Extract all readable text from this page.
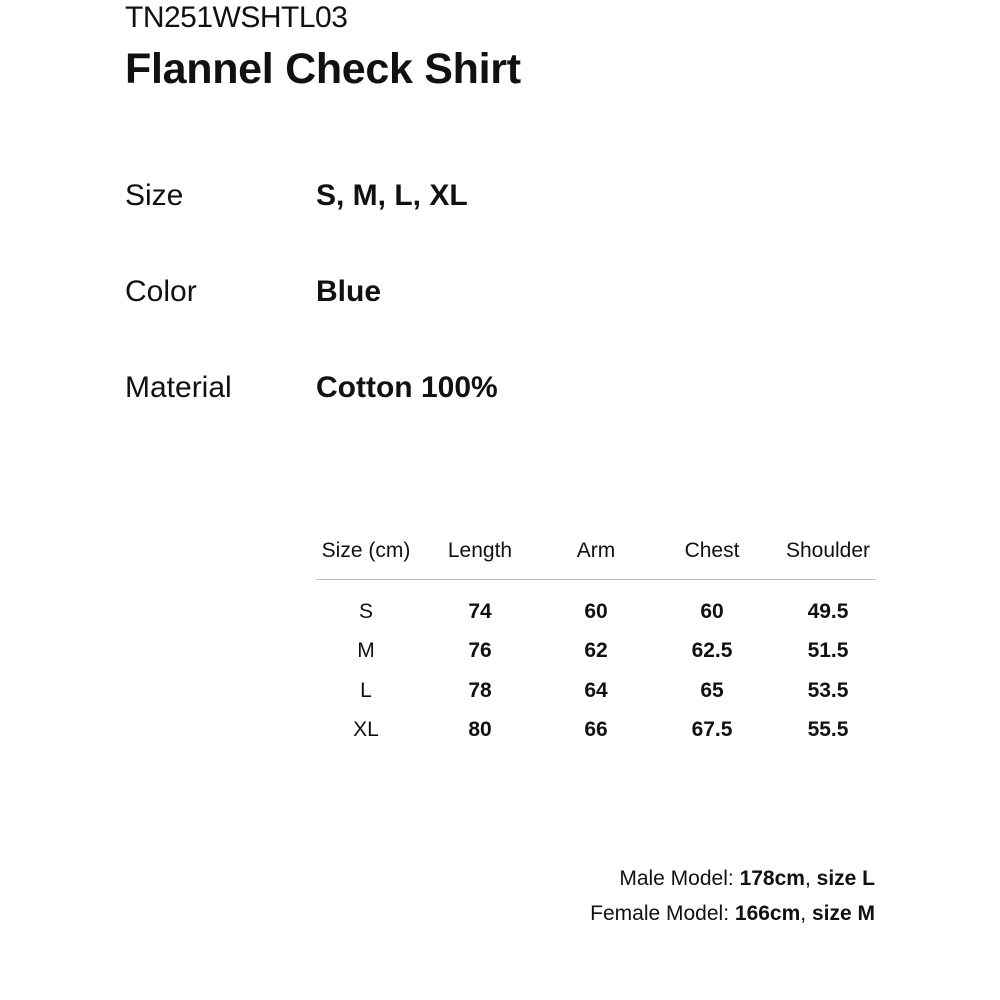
TN251WSHTL03
Flannel Check Shirt
Size	S, M, L, XL
Color	Blue
Material	Cotton 100%
Size (cm)	Length	Arm	Chest	Shoulder
S	74	60	60	49.5
M	76	62	62.5	51.5
L	78	64	65	53.5
XL	80	66	67.5	55.5
Male Model: 178cm, size L
Female Model: 166cm, size M
